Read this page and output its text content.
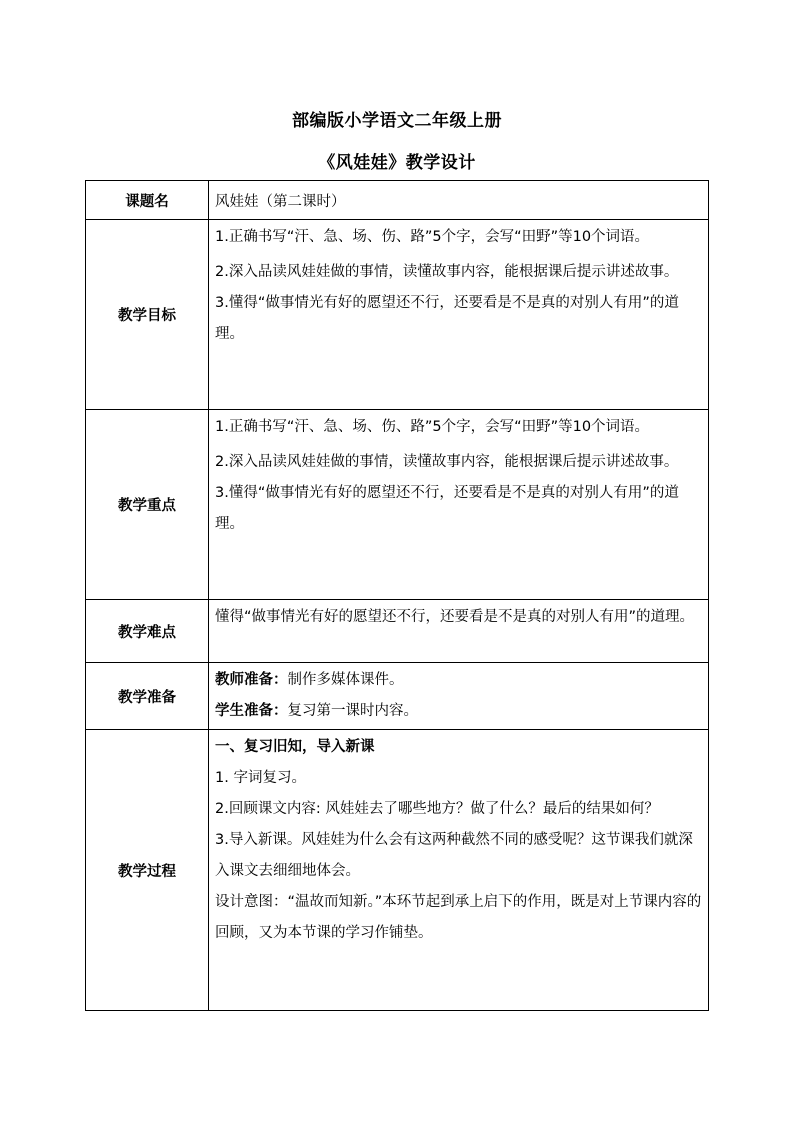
部编版小学语文二年级上册
《风娃娃》教学设计
课题名	风娃娃（第二课时）
教学目标	1.正确书写“汗、急、场、伤、路”5个字，会写“田野”等10个词语。

2.深入品读风娃娃做的事情，读懂故事内容，能根据课后提示讲述故事。

3.懂得“做事情光有好的愿望还不行，还要看是不是真的对别人有用”的道理。

教学重点	1.正确书写“汗、急、场、伤、路”5个字，会写“田野”等10个词语。

2.深入品读风娃娃做的事情，读懂故事内容，能根据课后提示讲述故事。

3.懂得“做事情光有好的愿望还不行，还要看是不是真的对别人有用”的道理。

教学难点	懂得“做事情光有好的愿望还不行，还要看是不是真的对别人有用”的道理。

教学准备	教师准备：制作多媒体课件。

学生准备：复习第一课时内容。

教学过程	一、复习旧知，导入新课

1. 字词复习。

2.回顾课文内容: 风娃娃去了哪些地方？做了什么？最后的结果如何？

3.导入新课。风娃娃为什么会有这两种截然不同的感受呢？这节课我们就深入课文去细细地体会。

设计意图：“温故而知新。”本环节起到承上启下的作用，既是对上节课内容的回顾，又为本节课的学习作铺垫。
